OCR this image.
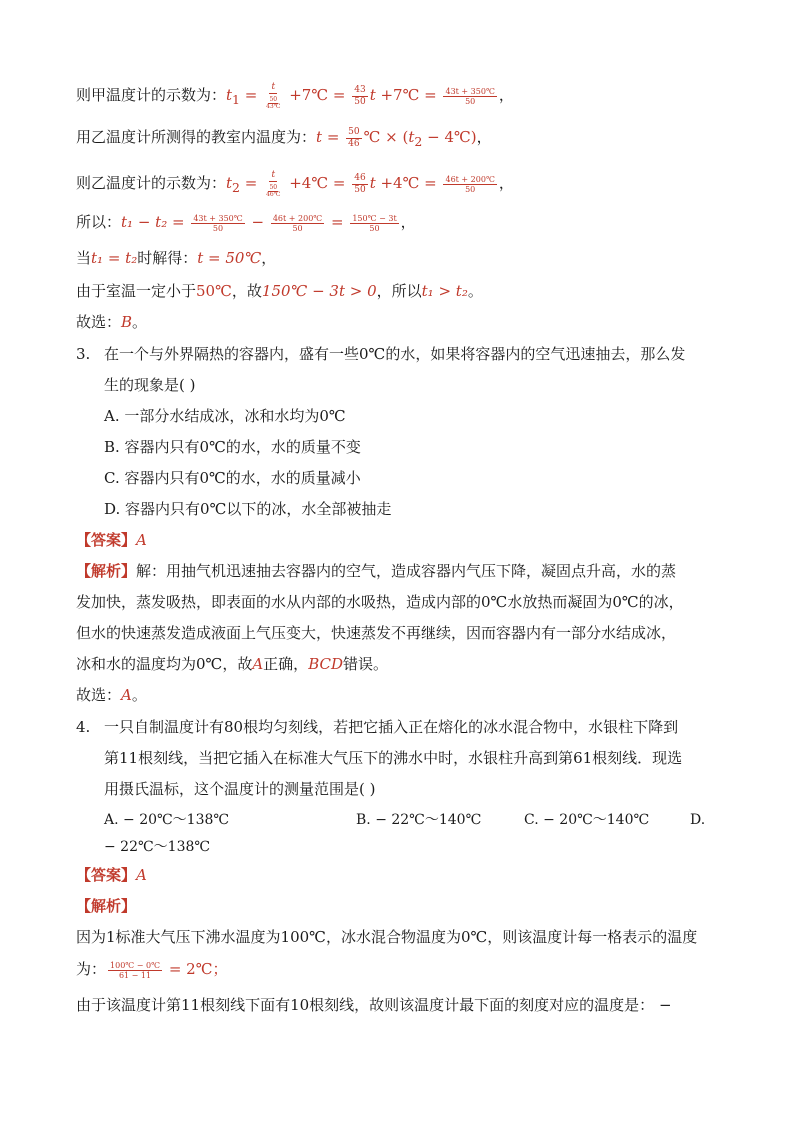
则甲温度计的示数为：$t_1 = \frac{t}{\frac{50}{43℃}}$ +7℃ = $\frac{43}{50}$ t +7℃ = $\frac{43t + 350℃}{50}$ ，
用乙温度计所测得的教室内温度为：$t = \frac{50}{46}$ ℃ × ($t_2$ − 4℃)，
则乙温度计的示数为：$t_2 = \frac{t}{\frac{50}{46℃}}$ +4℃ = $\frac{46}{50}$ t +4℃ = $\frac{46t + 200℃}{50}$ ，
所以：$t_1 - t_2 = \frac{43t + 350℃}{50} - \frac{46t + 200℃}{50} = \frac{150℃ - 3t}{50}$ ，
当t₁ = t₂时解得：t = 50℃，
由于室温一定小于50℃，故150℃ − 3t > 0，所以t₁ > t₂。
故选：B。
3. 在一个与外界隔热的容器内，盛有一些0℃的水，如果将容器内的空气迅速抽去，那么发
生的现象是( )
A. 一部分水结成冰，冰和水均为0℃
B. 容器内只有0℃的水，水的质量不变
C. 容器内只有0℃的水，水的质量减小
D. 容器内只有0℃以下的冰，水全部被抽走
【答案】A
【解析】解：用抽气机迅速抽去容器内的空气，造成容器内气压下降，凝固点升高，水的蒸
发加快，蒸发吸热，即表面的水从内部的水吸热，造成内部的0℃水放热而凝固为0℃的冰，
但水的快速蒸发造成液面上气压变大，快速蒸发不再继续，因而容器内有一部分水结成冰，
冰和水的温度均为0℃，故A正确，BCD错误。
故选：A。
4. 一只自制温度计有80根均匀刻线，若把它插入正在熔化的冰水混合物中，水银柱下降到
第11根刻线，当把它插入在标准大气压下的沸水中时，水银柱升高到第61根刻线．现选
用摄氏温标，这个温度计的测量范围是( )
A. − 20℃～138℃	B. − 22℃～140℃	C. − 20℃～140℃	D.
− 22℃～138℃
【答案】A
【解析】
因为1标准大气压下沸水温度为100℃，冰水混合物温度为0℃，则该温度计每一格表示的温度
为： $\frac{100℃ - 0℃}{61 - 11}$ = 2℃；
由于该温度计第11根刻线下面有10根刻线，故则该温度计最下面的刻度对应的温度是： −
